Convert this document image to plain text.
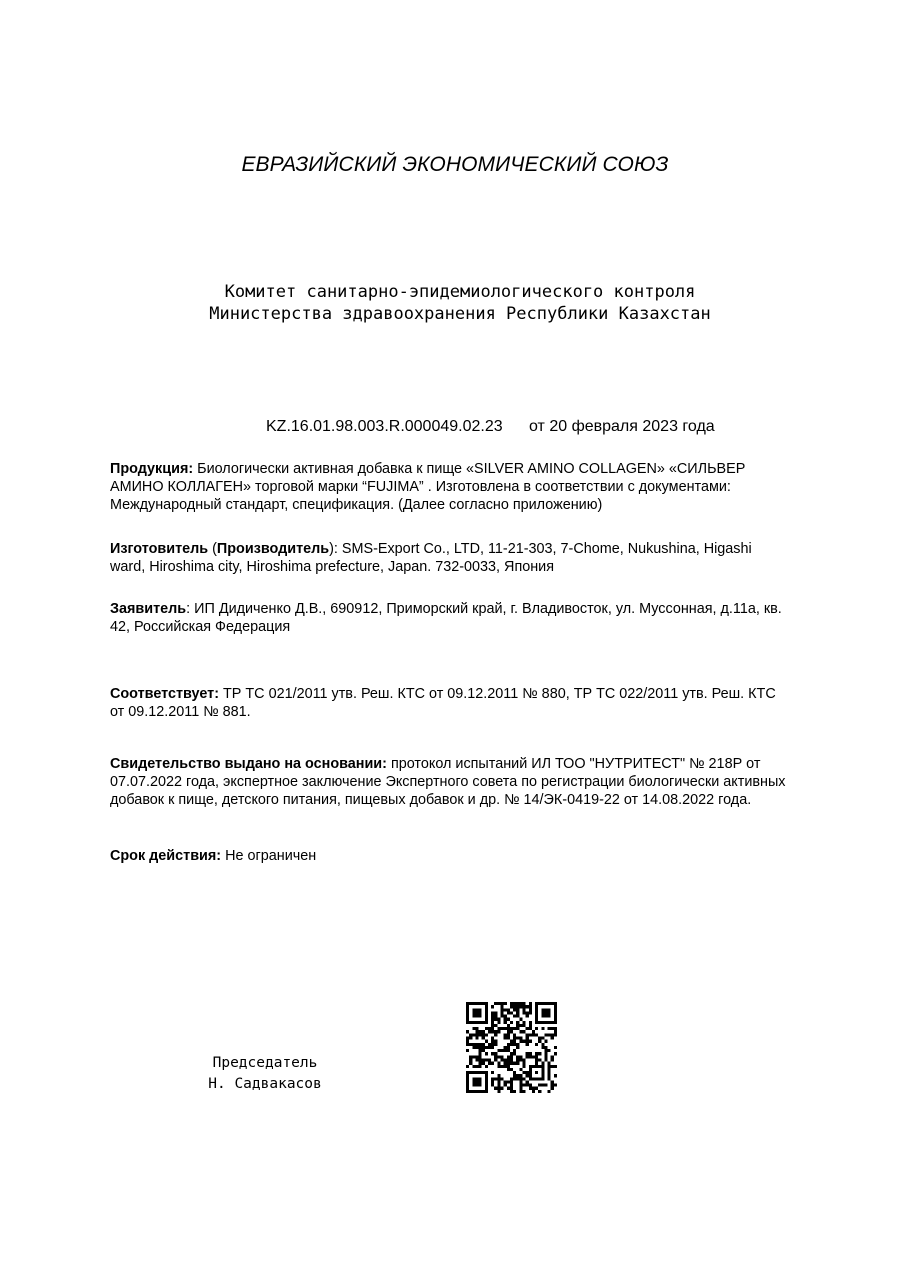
ЕВРАЗИЙСКИЙ ЭКОНОМИЧЕСКИЙ СОЮЗ
Комитет санитарно-эпидемиологического контроля
Министерства здравоохранения Республики Казахстан

KZ.16.01.98.003.R.000049.02.23

от 20 февраля 2023 года

Продукция: Биологически активная добавка к пище «SILVER AMINO COLLAGEN» «СИЛЬВЕР АМИНО КОЛЛАГЕН» торговой марки “FUJIMA” . Изготовлена в соответствии с документами: Международный стандарт, спецификация. (Далее согласно приложению)
Изготовитель (Производитель): SMS-Export Co., LTD, 11-21-303, 7-Chome, Nukushina, Higashi ward, Hiroshima city, Hiroshima prefecture, Japan. 732-0033, Япония
Заявитель: ИП Дидиченко Д.В., 690912, Приморский край, г. Владивосток, ул. Муссонная, д.11а, кв. 42, Российская Федерация
Соответствует: ТР ТС 021/2011 утв. Реш. КТС от 09.12.2011 № 880, ТР ТС 022/2011 утв. Реш. КТС от 09.12.2011 № 881.
Свидетельство выдано на основании: протокол испытаний ИЛ ТОО "НУТРИТЕСТ" № 218Р от 07.07.2022 года, экспертное заключение Экспертного совета по регистрации биологически активных добавок к пище, детского питания, пищевых добавок и др. № 14/ЭК-0419-22 от 14.08.2022 года.
Срок действия: Не ограничен
Председатель
Н. Садвакасов
